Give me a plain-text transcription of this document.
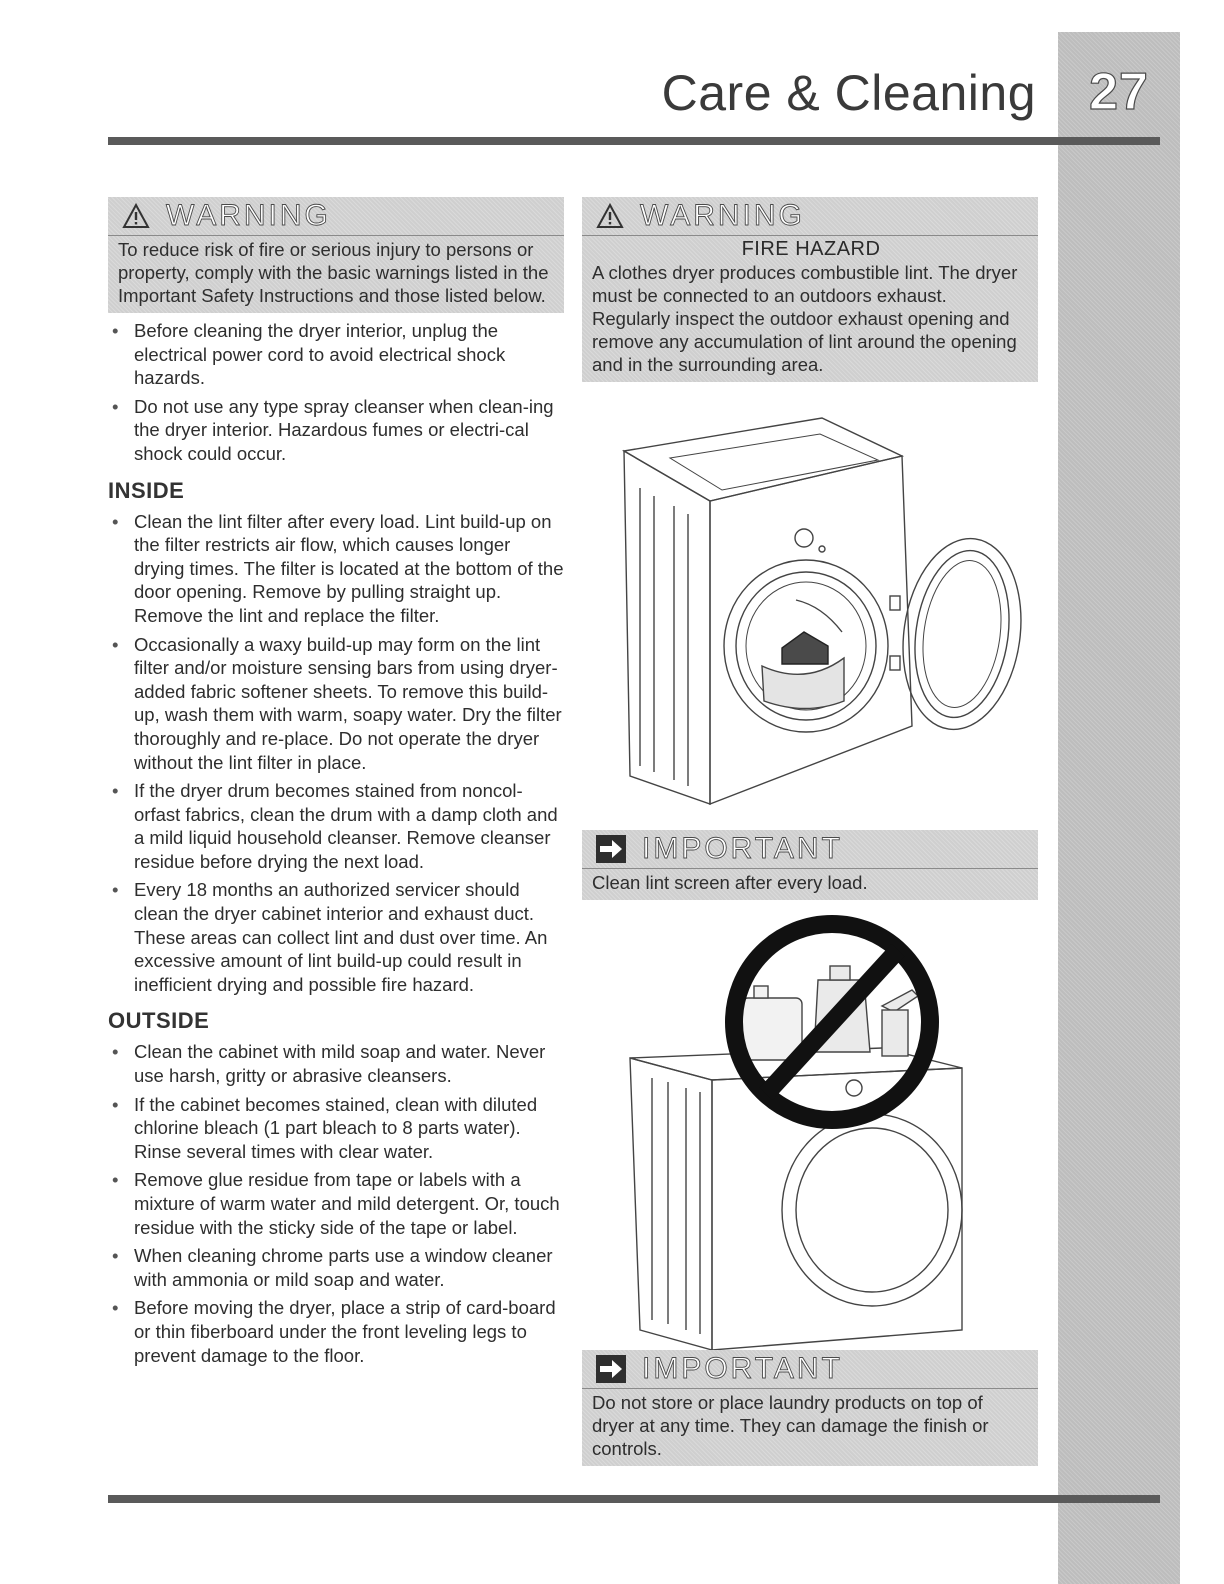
27
Care & Cleaning
WARNING
To reduce risk of fire or serious injury to persons or property, comply with the basic warnings listed in the Important Safety Instructions and those listed below.
• Before cleaning the dryer interior, unplug the electrical power cord to avoid electrical shock hazards.
• Do not use any type spray cleanser when clean-ing the dryer interior. Hazardous fumes or electri-cal shock could occur.
INSIDE
• Clean the lint filter after every load. Lint build-up on the filter restricts air flow, which causes longer drying times. The filter is located at the bottom of the door opening. Remove by pulling straight up. Remove the lint and replace the filter.
• Occasionally a waxy build-up may form on the lint filter and/or moisture sensing bars from using dryer-added fabric softener sheets. To remove this build-up, wash them with warm, soapy water. Dry the filter thoroughly and re-place. Do not operate the dryer without the lint filter in place.
• If the dryer drum becomes stained from noncol-orfast fabrics, clean the drum with a damp cloth and a mild liquid household cleanser. Remove cleanser residue before drying the next load.
• Every 18 months an authorized servicer should clean the dryer cabinet interior and exhaust duct. These areas can collect lint and dust over time. An excessive amount of lint build-up could result in inefficient drying and possible fire hazard.
OUTSIDE
• Clean the cabinet with mild soap and water. Never use harsh, gritty or abrasive cleansers.
• If the cabinet becomes stained, clean with diluted chlorine bleach (1 part bleach to 8 parts water). Rinse several times with clear water.
• Remove glue residue from tape or labels with a mixture of warm water and mild detergent. Or, touch residue with the sticky side of the tape or label.
• When cleaning chrome parts use a window cleaner with ammonia or mild soap and water.
• Before moving the dryer, place a strip of card-board or thin fiberboard under the front leveling legs to prevent damage to the floor.
WARNING
FIRE HAZARD
A clothes dryer produces combustible lint. The dryer must be connected to an outdoors exhaust. Regularly inspect the outdoor exhaust opening and remove any accumulation of lint around the opening and in the surrounding area.
IMPORTANT
Clean lint screen after every load.
IMPORTANT
Do not store or place laundry products on top of dryer at any time. They can damage the finish or controls.
